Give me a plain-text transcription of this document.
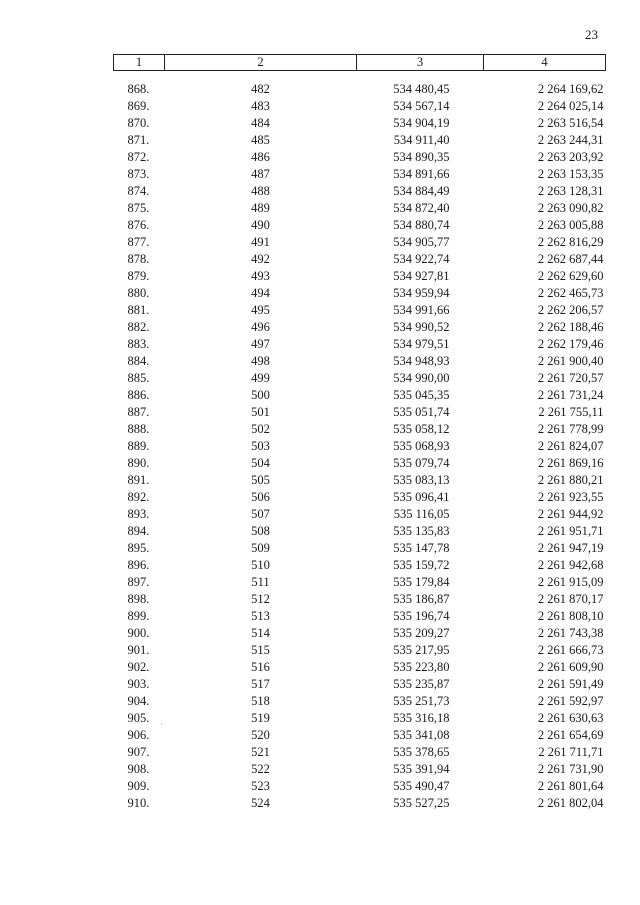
23
1	2	3	4
868.	482	534 480,45	2 264 169,62
869.	483	534 567,14	2 264 025,14
870.	484	534 904,19	2 263 516,54
871.	485	534 911,40	2 263 244,31
872.	486	534 890,35	2 263 203,92
873.	487	534 891,66	2 263 153,35
874.	488	534 884,49	2 263 128,31
875.	489	534 872,40	2 263 090,82
876.	490	534 880,74	2 263 005,88
877.	491	534 905,77	2 262 816,29
878.	492	534 922,74	2 262 687,44
879.	493	534 927,81	2 262 629,60
880.	494	534 959,94	2 262 465,73
881.	495	534 991,66	2 262 206,57
882.	496	534 990,52	2 262 188,46
883.	497	534 979,51	2 262 179,46
884.	498	534 948,93	2 261 900,40
885.	499	534 990,00	2 261 720,57
886.	500	535 045,35	2 261 731,24
887.	501	535 051,74	2 261 755,11
888.	502	535 058,12	2 261 778,99
889.	503	535 068,93	2 261 824,07
890.	504	535 079,74	2 261 869,16
891.	505	535 083,13	2 261 880,21
892.	506	535 096,41	2 261 923,55
893.	507	535 116,05	2 261 944,92
894.	508	535 135,83	2 261 951,71
895.	509	535 147,78	2 261 947,19
896.	510	535 159,72	2 261 942,68
897.	511	535 179,84	2 261 915,09
898.	512	535 186,87	2 261 870,17
899.	513	535 196,74	2 261 808,10
900.	514	535 209,27	2 261 743,38
901.	515	535 217,95	2 261 666,73
902.	516	535 223,80	2 261 609,90
903.	517	535 235,87	2 261 591,49
904.	518	535 251,73	2 261 592,97
905.	519	535 316,18	2 261 630,63
906.	520	535 341,08	2 261 654,69
907.	521	535 378,65	2 261 711,71
908.	522	535 391,94	2 261 731,90
909.	523	535 490,47	2 261 801,64
910.	524	535 527,25	2 261 802,04
˙
